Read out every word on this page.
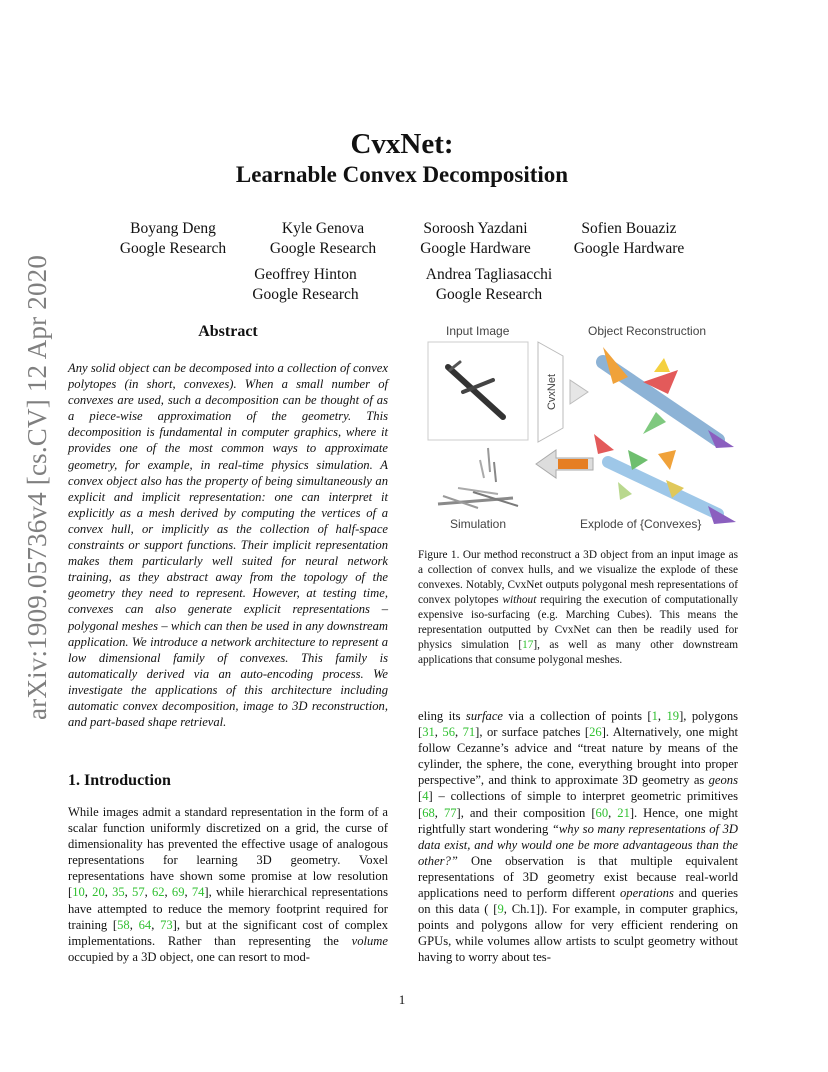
arXiv:1909.05736v4 [cs.CV] 12 Apr 2020
CvxNet:
Learnable Convex Decomposition
Boyang Deng
Google Research
Kyle Genova
Google Research
Soroosh Yazdani
Google Hardware
Sofien Bouaziz
Google Hardware
Geoffrey Hinton
Google Research
Andrea Tagliasacchi
Google Research
Abstract
Any solid object can be decomposed into a collection of convex polytopes (in short, convexes). When a small number of convexes are used, such a decomposition can be thought of as a piece-wise approximation of the geometry. This decomposition is fundamental in computer graphics, where it provides one of the most common ways to approximate geometry, for example, in real-time physics simulation. A convex object also has the property of being simultaneously an explicit and implicit representation: one can interpret it explicitly as a mesh derived by computing the vertices of a convex hull, or implicitly as the collection of half-space constraints or support functions. Their implicit representation makes them particularly well suited for neural network training, as they abstract away from the topology of the geometry they need to represent. However, at testing time, convexes can also generate explicit representations – polygonal meshes – which can then be used in any downstream application. We introduce a network architecture to represent a low dimensional family of convexes. This family is automatically derived via an auto-encoding process. We investigate the applications of this architecture including automatic convex decomposition, image to 3D reconstruction, and part-based shape retrieval.
Input Image	Object Reconstruction
CvxNet
Simulation	Explode of {Convexes}
Figure 1. Our method reconstruct a 3D object from an input image as a collection of convex hulls, and we visualize the explode of these convexes. Notably, CvxNet outputs polygonal mesh representations of convex polytopes without requiring the execution of computationally expensive iso-surfacing (e.g. Marching Cubes). This means the representation outputted by CvxNet can then be readily used for physics simulation [17], as well as many other downstream applications that consume polygonal meshes.
1. Introduction
While images admit a standard representation in the form of a scalar function uniformly discretized on a grid, the curse of dimensionality has prevented the effective usage of analogous representations for learning 3D geometry. Voxel representations have shown some promise at low resolution [10, 20, 35, 57, 62, 69, 74], while hierarchical representations have attempted to reduce the memory footprint required for training [58, 64, 73], but at the significant cost of complex implementations. Rather than representing the volume occupied by a 3D object, one can resort to mod-
eling its surface via a collection of points [1, 19], polygons [31, 56, 71], or surface patches [26]. Alternatively, one might follow Cezanne’s advice and “treat nature by means of the cylinder, the sphere, the cone, everything brought into proper perspective”, and think to approximate 3D geometry as geons [4] – collections of simple to interpret geometric primitives [68, 77], and their composition [60, 21]. Hence, one might rightfully start wondering “why so many representations of 3D data exist, and why would one be more advantageous than the other?” One observation is that multiple equivalent representations of 3D geometry exist because real-world applications need to perform different operations and queries on this data ( [9, Ch.1]). For example, in computer graphics, points and polygons allow for very efficient rendering on GPUs, while volumes allow artists to sculpt geometry without having to worry about tes-
1
